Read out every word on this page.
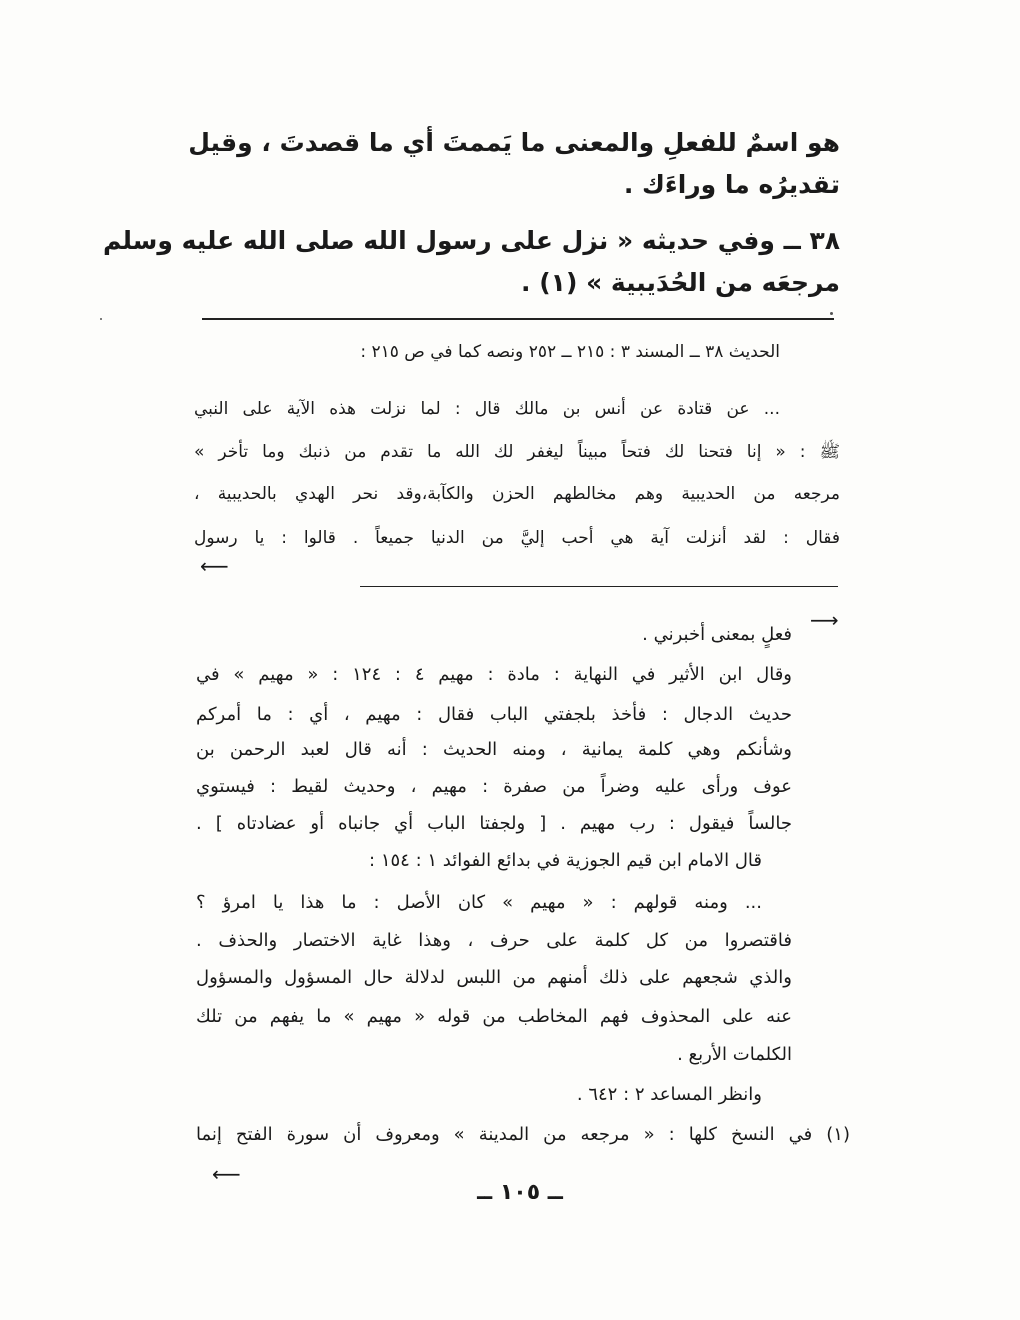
هو اسمٌ للفعلِ والمعنى ما يَممتَ أي ما قصدتَ ، وقيل
تقديرُه ما وراءَك .
٣٨ ــ وفي حديثه « نزل على رسول الله صلى الله عليه وسلم
مرجعَه من الحُدَيبية » (١) .
الحديث ٣٨ ــ المسند ٣ : ٢١٥ ــ ٢٥٢ ونصه كما في ص ٢١٥ :
... عن قتادة عن أنس بن مالك قال : لما نزلت هذه الآية على النبي
ﷺ : « إنا فتحنا لك فتحاً مبيناً ليغفر لك الله ما تقدم من ذنبك وما تأخر »
مرجعه من الحديبية وهم مخالطهم الحزن والكآبة،وقد نحر الهدي بالحديبية ،
فقال : لقد أنزلت آية هي أحب إليَّ من الدنيا جميعاً . قالوا : يا رسول
⟵
⟶
فعلٍ بمعنى أخبرني .
وقال ابن الأثير في النهاية : مادة : مهيم ٤ : ١٢٤ : « مهيم » في
حديث الدجال : فأخذ بلجفتي الباب فقال : مهيم ، أي : ما أمركم
وشأنكم وهي كلمة يمانية ، ومنه الحديث : أنه قال لعبد الرحمن بن
عوف ورأى عليه وضراً من صفرة : مهيم ، وحديث لقيط : فيستوي
جالساً فيقول : رب مهيم . [ ولجفتا الباب أي جانباه أو عضادتاه ] .
قال الامام ابن قيم الجوزية في بدائع الفوائد ١ : ١٥٤ :
... ومنه قولهم : « مهيم » كان الأصل : ما هذا يا امرؤ ؟
فاقتصروا من كل كلمة على حرف ، وهذا غاية الاختصار والحذف .
والذي شجعهم على ذلك أمنهم من اللبس لدلالة حال المسؤول والمسؤول
عنه على المحذوف فهم المخاطب من قوله « مهيم » ما يفهم من تلك
الكلمات الأربع .
وانظر المساعد ٢ : ٦٤٢ .
(١) في النسخ كلها : « مرجعه من المدينة » ومعروف أن سورة الفتح إنما
⟵
ــ ١٠٥ ــ
